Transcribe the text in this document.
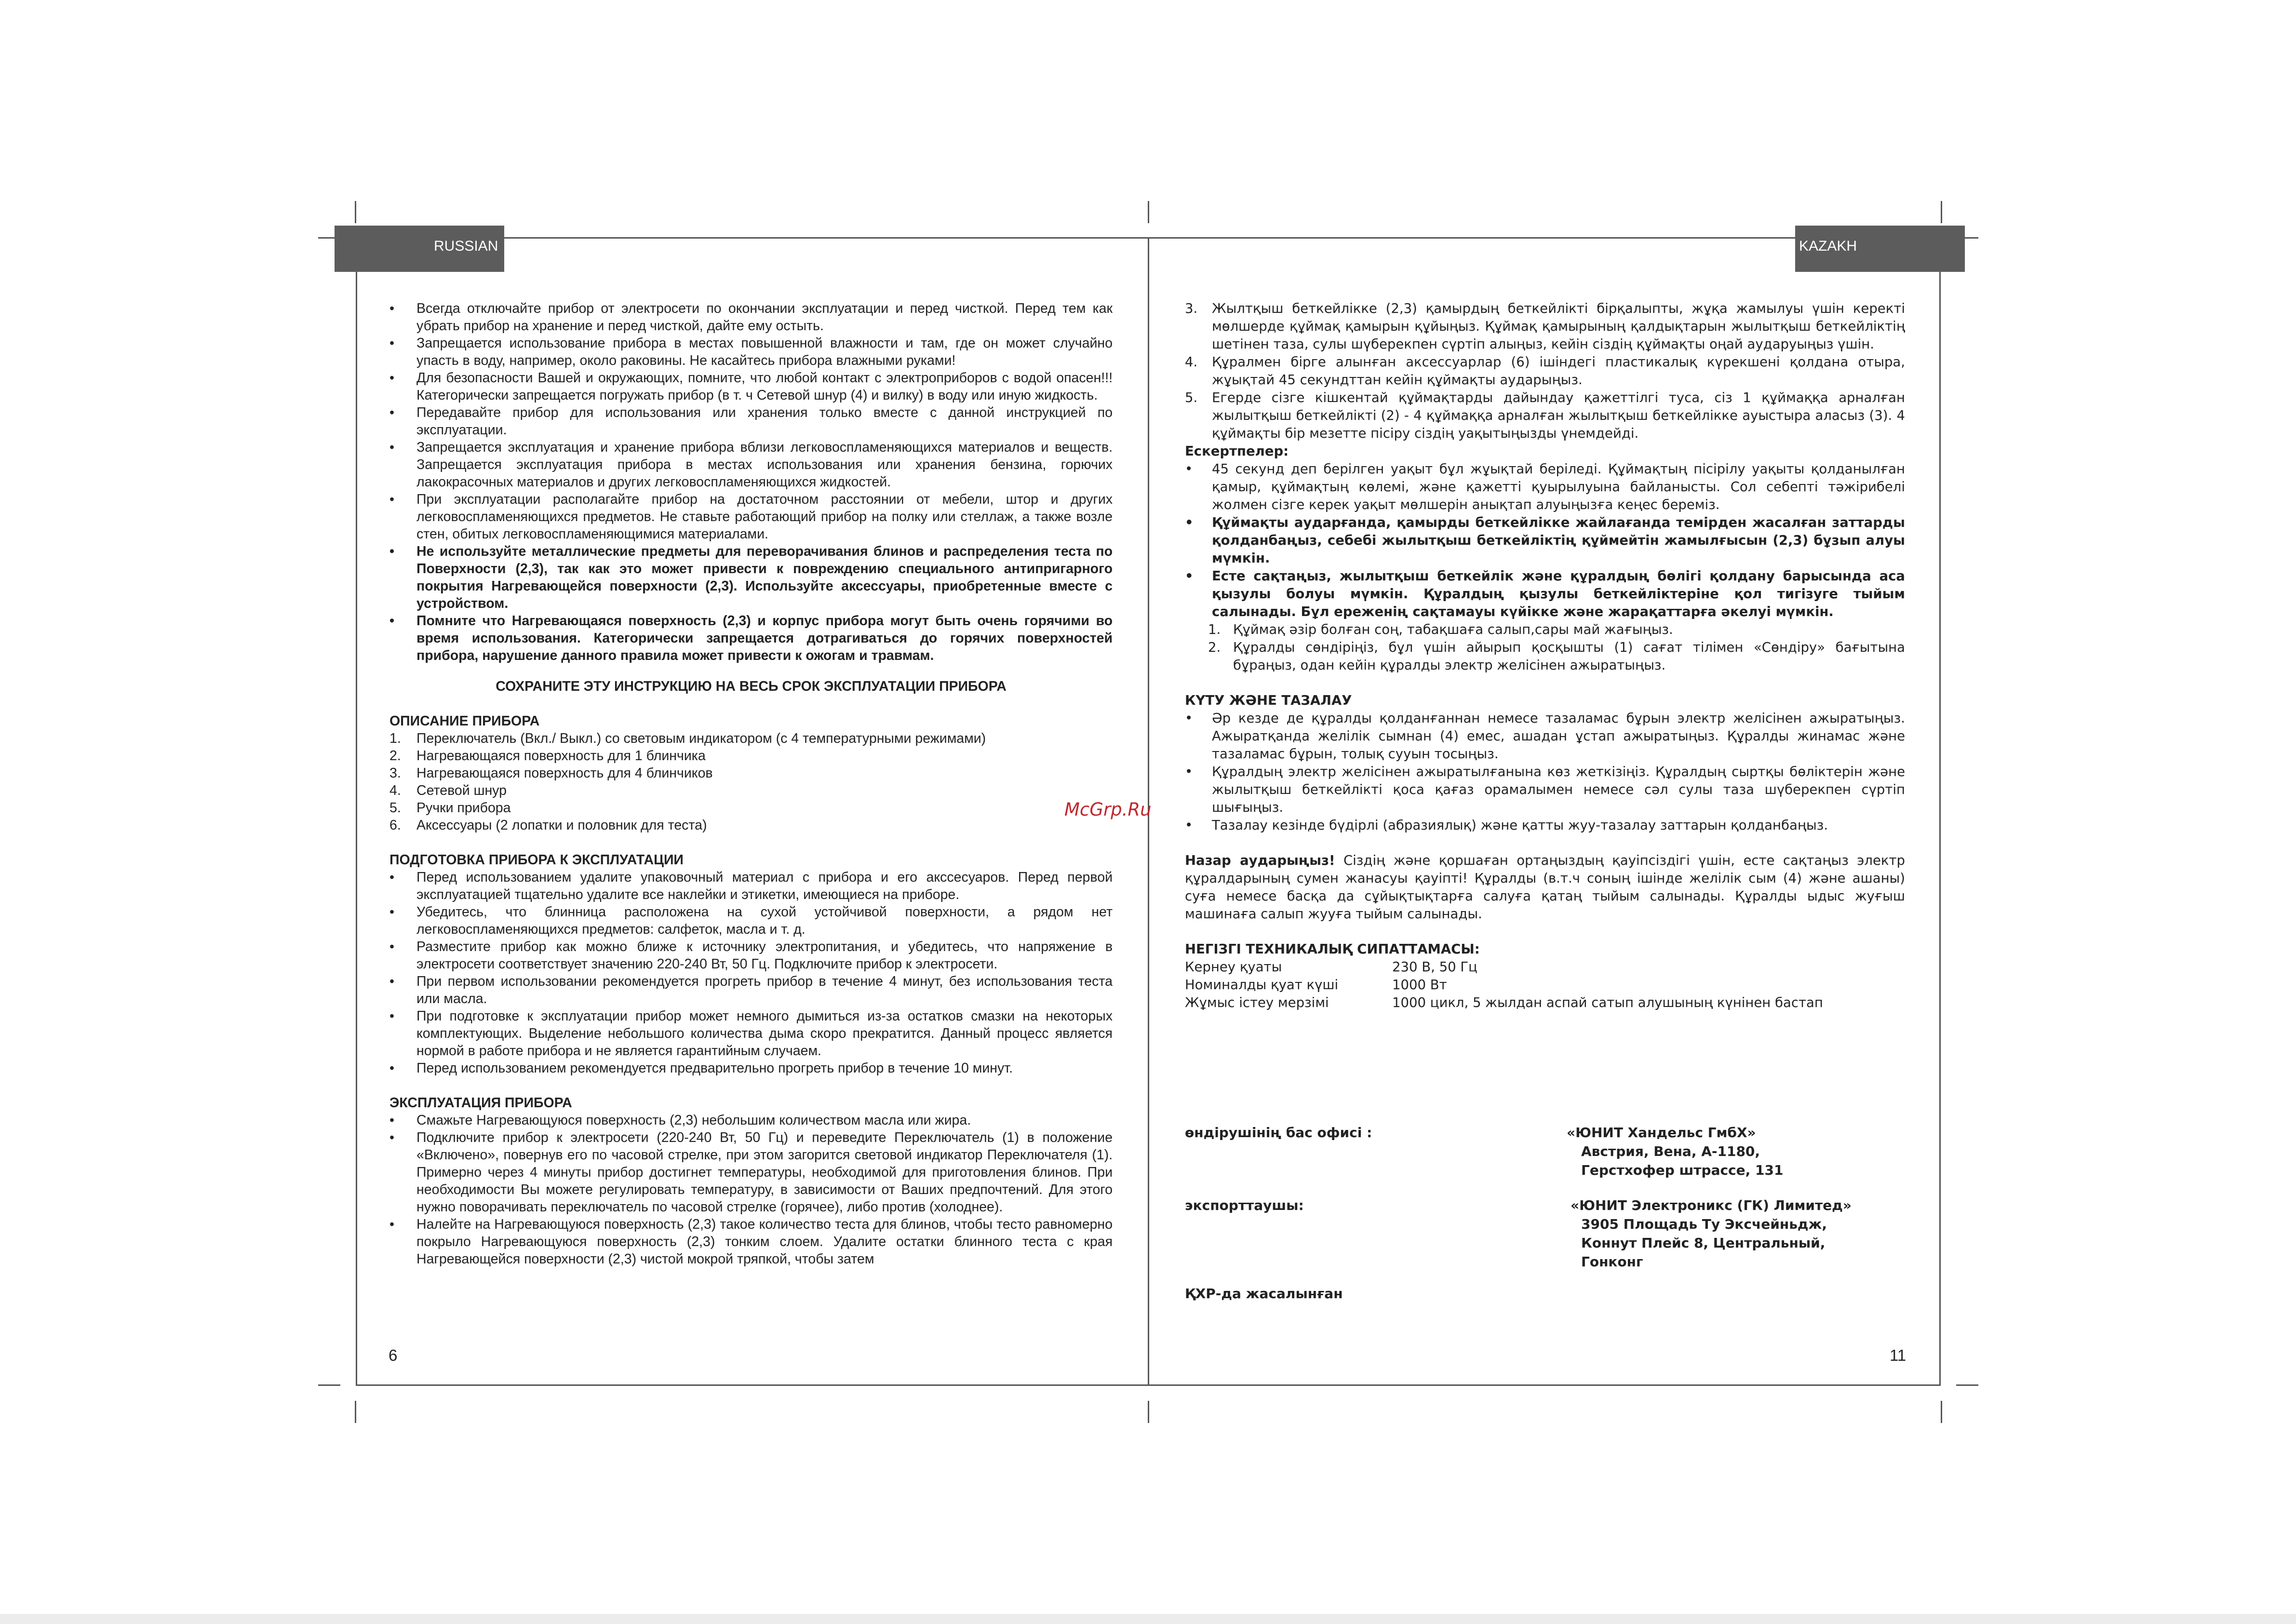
RUSSIAN	KAZAKH
• Всегда отключайте прибор от электросети по окончании эксплуатации и перед чисткой. Перед тем как убрать прибор на хранение и перед чисткой, дайте ему остыть.
• Запрещается использование прибора в местах повышенной влажности и там, где он может случайно упасть в воду, например, около раковины. Не касайтесь прибора влажными руками!
• Для безопасности Вашей и окружающих, помните, что любой контакт с электроприборов с водой опасен!!! Категорически запрещается погружать прибор (в т. ч Сетевой шнур (4) и вилку) в воду или иную жидкость.
• Передавайте прибор для использования или хранения только вместе с данной инструкцией по эксплуатации.
• Запрещается эксплуатация и хранение прибора вблизи легковоспламеняющихся материалов и веществ. Запрещается эксплуатация прибора в местах использования или хранения бензина, горючих лакокрасочных материалов и других легковоспламеняющихся жидкостей.
• При эксплуатации располагайте прибор на достаточном расстоянии от мебели, штор и других легковоспламеняющихся предметов. Не ставьте работающий прибор на полку или стеллаж, а также возле стен, обитых легковоспламеняющимися материалами.
• Не используйте металлические предметы для переворачивания блинов и распределения теста по Поверхности (2,3), так как это может привести к повреждению специального антипригарного покрытия Нагревающейся поверхности (2,3). Используйте аксессуары, приобретенные вместе с устройством.
• Помните что Нагревающаяся поверхность (2,3) и корпус прибора могут быть очень горячими во время использования. Категорически запрещается дотрагиваться до горячих поверхностей прибора, нарушение данного правила может привести к ожогам и травмам.
СОХРАНИТЕ ЭТУ ИНСТРУКЦИЮ НА ВЕСЬ СРОК ЭКСПЛУАТАЦИИ ПРИБОРА
ОПИСАНИЕ ПРИБОРА
1. Переключатель (Вкл./ Выкл.) со световым индикатором (с 4 температурными режимами)
2. Нагревающаяся поверхность для 1 блинчика
3. Нагревающаяся поверхность для 4 блинчиков
4. Сетевой шнур
5. Ручки прибора
6. Аксессуары (2 лопатки и половник для теста)
ПОДГОТОВКА ПРИБОРА К ЭКСПЛУАТАЦИИ
• Перед использованием удалите упаковочный материал с прибора и его акссесуаров. Перед первой эксплуатацией тщательно удалите все наклейки и этикетки, имеющиеся на приборе.
• Убедитесь, что блинница расположена на сухой устойчивой поверхности, а рядом нет легковоспламеняющихся предметов: салфеток, масла и т. д.
• Разместите прибор как можно ближе к источнику электропитания, и убедитесь, что напряжение в электросети соответствует значению 220-240 Вт, 50 Гц. Подключите прибор к электросети.
• При первом использовании рекомендуется прогреть прибор в течение 4 минут, без использования теста или масла.
• При подготовке к эксплуатации прибор может немного дымиться из-за остатков смазки на некоторых комплектующих. Выделение небольшого количества дыма скоро прекратится. Данный процесс является нормой в работе прибора и не является гарантийным случаем.
• Перед использованием рекомендуется предварительно прогреть прибор в течение 10 минут.
ЭКСПЛУАТАЦИЯ ПРИБОРА
• Смажьте Нагревающуюся поверхность (2,3) небольшим количеством масла или жира.
• Подключите прибор к электросети (220-240 Вт, 50 Гц) и переведите Переключатель (1) в положение «Включено», повернув его по часовой стрелке, при этом загорится световой индикатор Переключателя (1). Примерно через 4 минуты прибор достигнет температуры, необходимой для приготовления блинов. При необходимости Вы можете регулировать температуру, в зависимости от Ваших предпочтений. Для этого нужно поворачивать переключатель по часовой стрелке (горячее), либо против (холоднее).
• Налейте на Нагревающуюся поверхность (2,3) такое количество теста для блинов, чтобы тесто равномерно покрыло Нагревающуюся поверхность (2,3) тонким слоем. Удалите остатки блинного теста с края Нагревающейся поверхности (2,3) чистой мокрой тряпкой, чтобы затем
3. Жылтқыш беткейлікке (2,3) қамырдың беткейлікті бірқалыпты, жұқа жамылуы үшін керекті мөлшерде құймақ қамырын құйыңыз. Құймақ қамырының қалдықтарын жылытқыш беткейліктің шетінен таза, сулы шүберекпен сүртіп алыңыз, кейін сіздің құймақты оңай аударуыңыз үшін.
4. Құралмен бірге алынған аксессуарлар (6) ішіндегі пластикалық күрекшені қолдана отыра, жұықтай 45 секундттан кейін құймақты аударыңыз.
5. Егерде сізге кішкентай құймақтарды дайындау қажеттілгі туса, сіз 1 құймаққа арналған жылытқыш беткейлікті (2) - 4 құймаққа арналған жылытқыш беткейлікке ауыстыра аласыз (3). 4 құймақты бір мезетте пісіру сіздің уақытыңызды үнемдейді.
Ескертпелер:
• 45 секунд деп берілген уақыт бұл жұықтай беріледі. Құймақтың пісірілу уақыты қолданылған қамыр, құймақтың көлемі, және қажетті қуырылуына байланысты. Сол себепті тәжірибелі жолмен сізге керек уақыт мөлшерін анықтап алуыңызға кеңес береміз.
• Құймақты аударғанда, қамырды беткейлікке жайлағанда темірден жасалған заттарды қолданбаңыз, себебі жылытқыш беткейліктің құймейтін жамылғысын (2,3) бұзып алуы мүмкін.
• Есте сақтаңыз, жылытқыш беткейлік және құралдың бөлігі қолдану барысында аса қызулы болуы мүмкін. Құралдың қызулы беткейліктеріне қол тигізуге тыйым салынады. Бұл ереженің сақтамауы күйікке және жарақаттарға әкелуі мүмкін.
1. Құймақ әзір болған соң, табақшаға салып,сары май жағыңыз.
2. Құралды сөндіріңіз, бұл үшін айырып қосқышты (1) сағат тілімен «Сөндіру» бағытына бұраңыз, одан кейін құралды электр желісінен ажыратыңыз.
КҮТУ ЖӘНЕ ТАЗАЛАУ
• Әр кезде де құралды қолданғаннан немесе тазаламас бұрын электр желісінен ажыратыңыз. Ажыратқанда желілік сымнан (4) емес, ашадан ұстап ажыратыңыз. Құралды жинамас және тазаламас бұрын, толық сууын тосыңыз.
• Құралдың электр желісінен ажыратылғанына көз жеткізіңіз. Құралдың сыртқы бөліктерін және жылытқыш беткейлікті қоса қағаз орамалымен немесе сәл сулы таза шүберекпен сүртіп шығыңыз.
• Тазалау кезінде бүдірлі (абразиялық) және қатты жуу-тазалау заттарын қолданбаңыз.
Назар аударыңыз! Сіздің және қоршаған ортаңыздың қауіпсіздігі үшін, есте сақтаңыз электр құралдарының сумен жанасуы қауіпті! Құралды (в.т.ч соның ішінде желілік сым (4) және ашаны) суға немесе басқа да сұйықтықтарға салуға қатаң тыйым салынады. Құралды ыдыс жуғыш машинаға салып жууға тыйым салынады.
НЕГІЗГІ ТЕХНИКАЛЫҚ СИПАТТАМАСЫ:
Кернеу қуаты	230 В, 50 Гц
Номиналды қуат күші	1000 Вт
Жұмыс істеу мерзімі	1000 цикл, 5 жылдан аспай сатып алушының күнінен бастап
өндірушінің бас офисі :	«ЮНИТ Хандельс ГмбХ»
Австрия, Вена, А-1180,
Герстхофер штрассе, 131
экспорттаушы:	«ЮНИТ Электроникс (ГК) Лимитед»
3905 Площадь Ту Эксчейньдж,
Коннут Плейс 8, Центральный,
Гонконг
ҚХР-да жасалынған
McGrp.Ru
6	11
